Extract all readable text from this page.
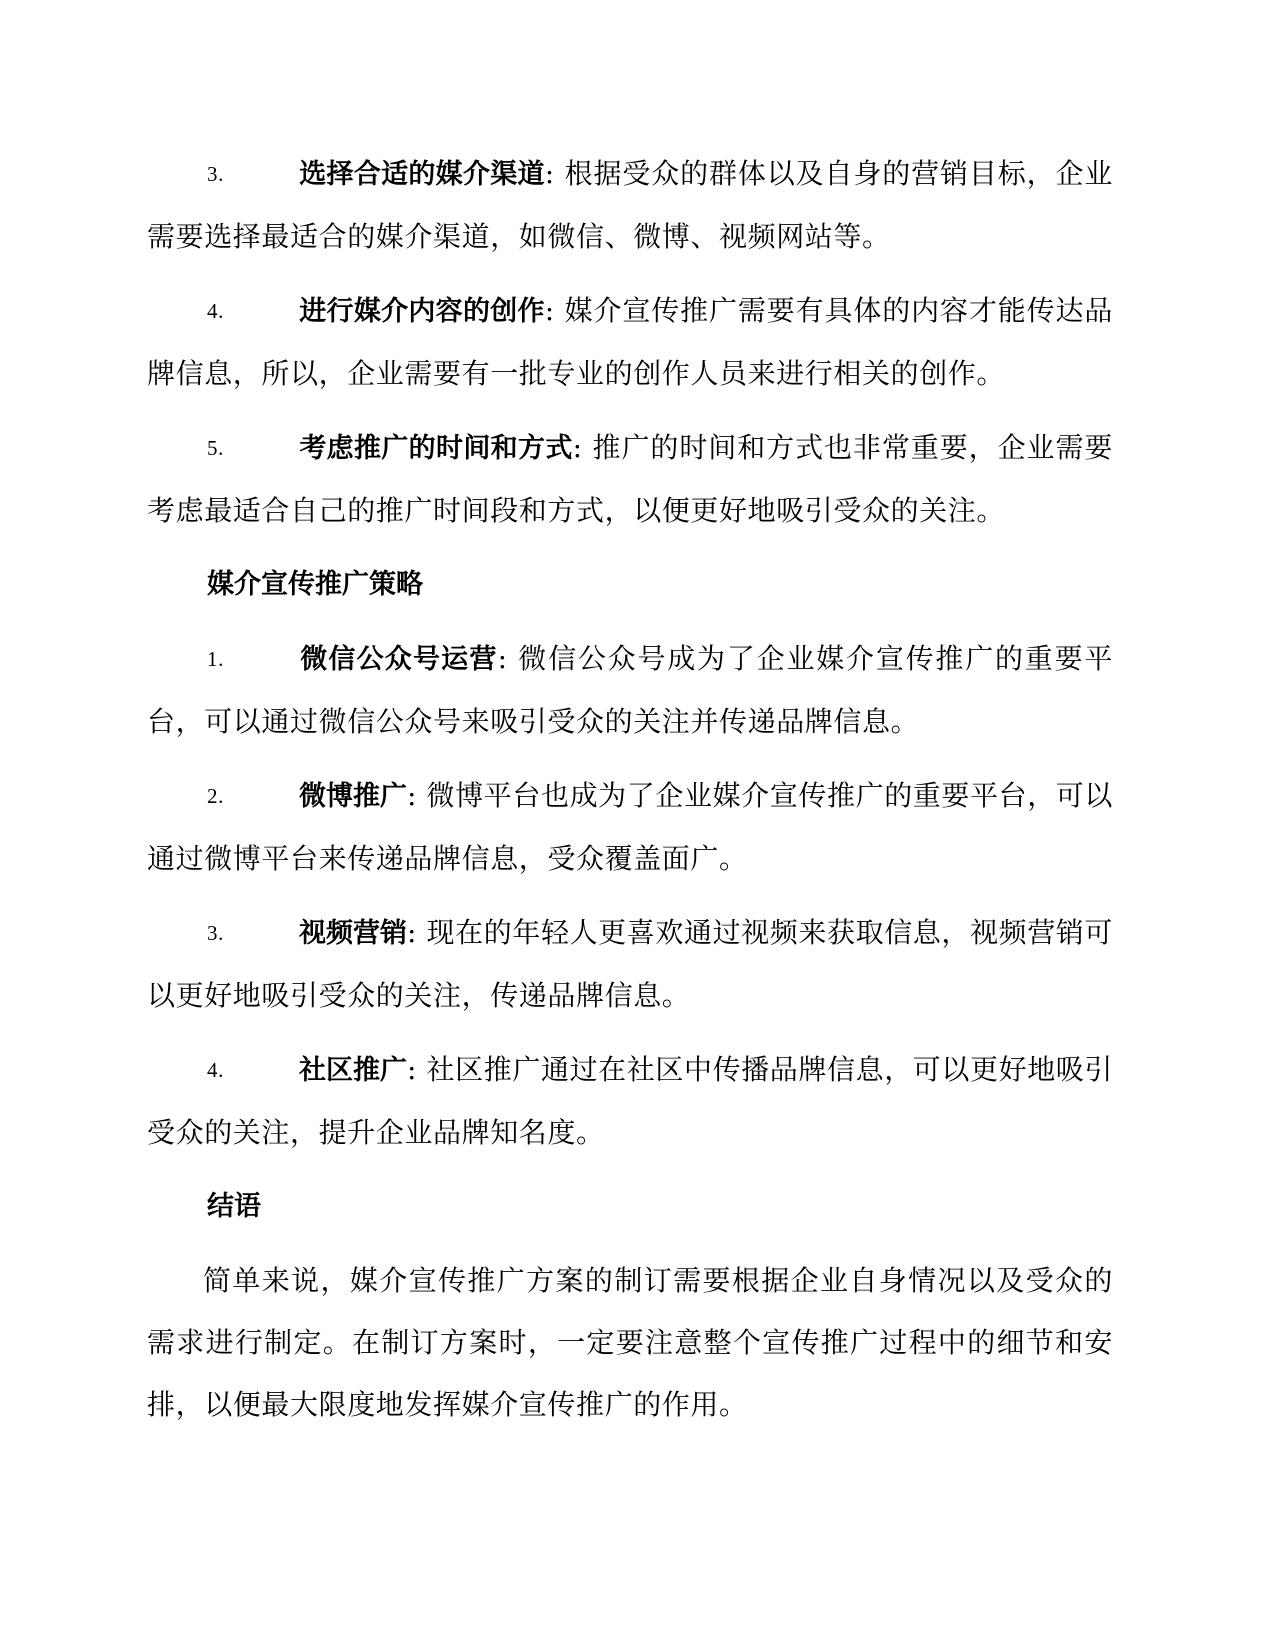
3.	选择合适的媒介渠道: 根据受众的群体以及自身的营销目标，企业需要选择最适合的媒介渠道，如微信、微博、视频网站等。

4.	进行媒介内容的创作: 媒介宣传推广需要有具体的内容才能传达品牌信息，所以，企业需要有一批专业的创作人员来进行相关的创作。

5.	考虑推广的时间和方式: 推广的时间和方式也非常重要，企业需要考虑最适合自己的推广时间段和方式，以便更好地吸引受众的关注。

媒介宣传推广策略

1.	微信公众号运营: 微信公众号成为了企业媒介宣传推广的重要平台，可以通过微信公众号来吸引受众的关注并传递品牌信息。

2.	微博推广: 微博平台也成为了企业媒介宣传推广的重要平台，可以通过微博平台来传递品牌信息，受众覆盖面广。

3.	视频营销: 现在的年轻人更喜欢通过视频来获取信息，视频营销可以更好地吸引受众的关注，传递品牌信息。

4.	社区推广: 社区推广通过在社区中传播品牌信息，可以更好地吸引受众的关注，提升企业品牌知名度。

结语

简单来说，媒介宣传推广方案的制订需要根据企业自身情况以及受众的需求进行制定。在制订方案时，一定要注意整个宣传推广过程中的细节和安排，以便最大限度地发挥媒介宣传推广的作用。
